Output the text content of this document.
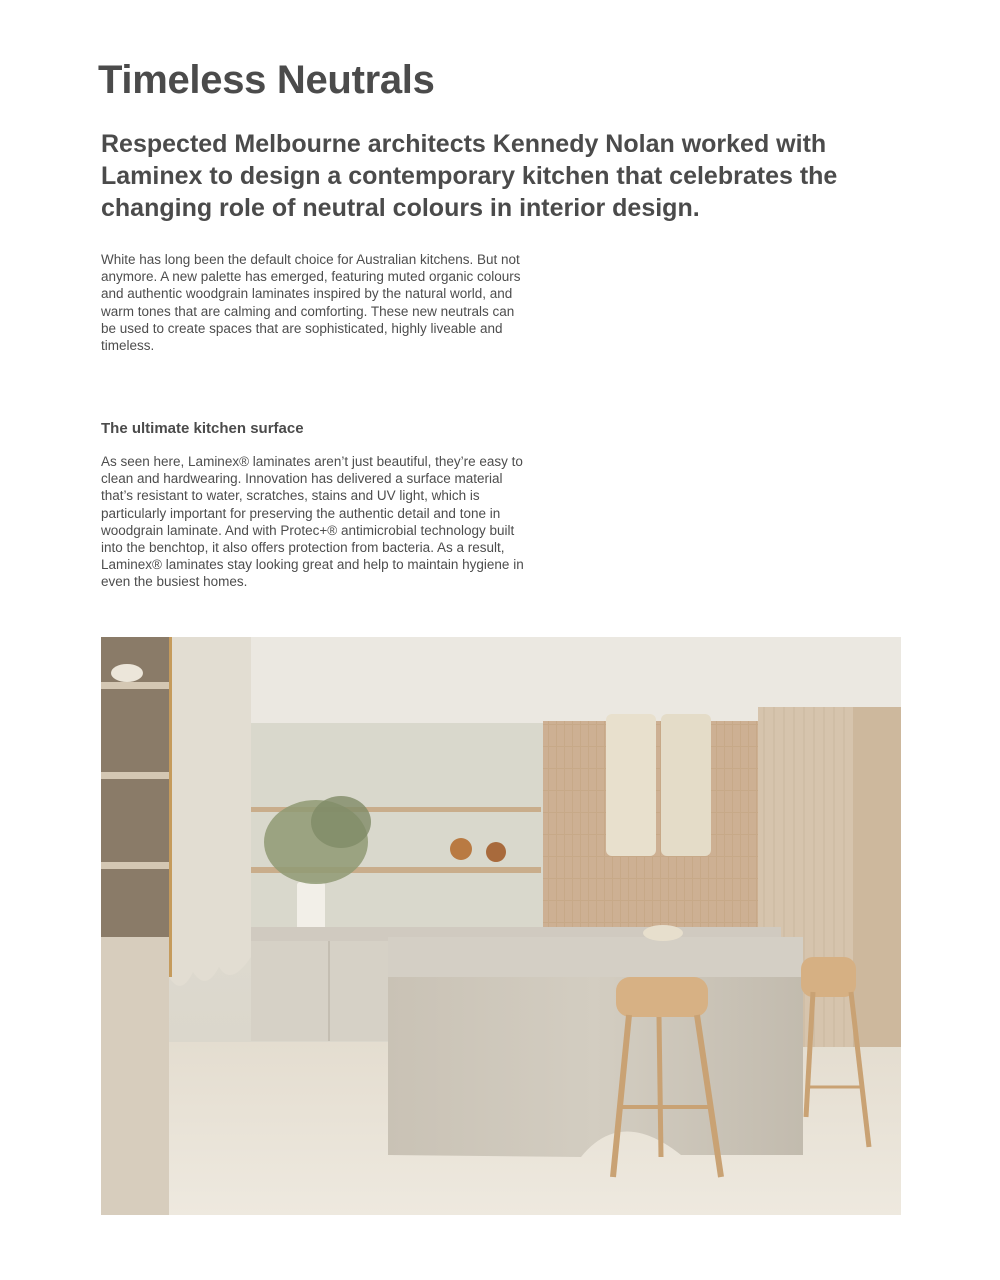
Timeless Neutrals

Respected Melbourne architects Kennedy Nolan worked with Laminex to design a contemporary kitchen that celebrates the changing role of neutral colours in interior design.

White has long been the default choice for Australian kitchens. But not anymore. A new palette has emerged, featuring muted organic colours and authentic woodgrain laminates inspired by the natural world, and warm tones that are calming and comforting. These new neutrals can be used to create spaces that are sophisticated, highly liveable and timeless.

The ultimate kitchen surface

As seen here, Laminex® laminates aren’t just beautiful, they’re easy to clean and hardwearing. Innovation has delivered a surface material that’s resistant to water, scratches, stains and UV light, which is particularly important for preserving the authentic detail and tone in woodgrain laminate. And with Protec+® antimicrobial technology built into the benchtop, it also offers protection from bacteria. As a result, Laminex® laminates stay looking great and help to maintain hygiene in even the busiest homes.
